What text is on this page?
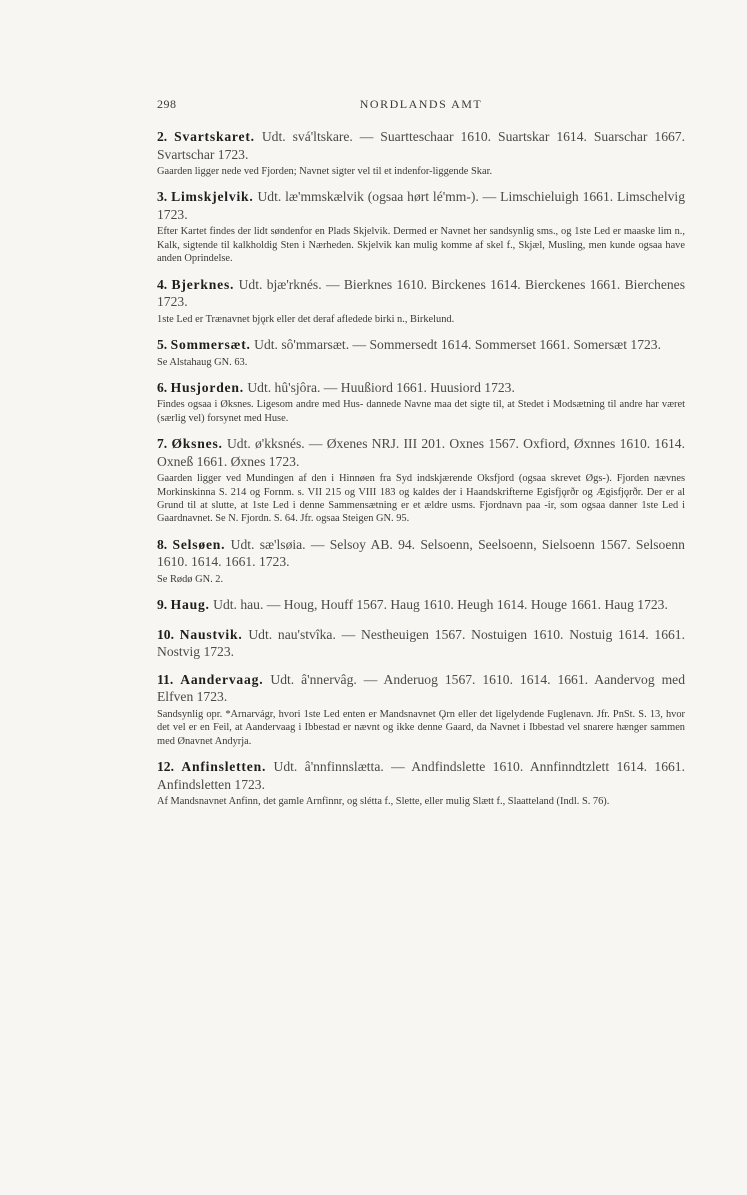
298	NORDLANDS AMT

2. Svartskaret. Udt. svá'ltskare. — Suartteschaar 1610. Suartskar 1614. Suarschar 1667. Svartschar 1723.

Gaarden ligger nede ved Fjorden; Navnet sigter vel til et indenfor-liggende Skar.

3. Limskjelvik. Udt. læ'mmskælvik (ogsaa hørt lé'mm-). — Limschieluigh 1661. Limschelvig 1723.

Efter Kartet findes der lidt søndenfor en Plads Skjelvik. Dermed er Navnet her sandsynlig sms., og 1ste Led er maaske lim n., Kalk, sigtende til kalkholdig Sten i Nærheden. Skjelvik kan mulig komme af skel f., Skjæl, Musling, men kunde ogsaa have anden Oprindelse.

4. Bjerknes. Udt. bjæ'rknés. — Bierknes 1610. Birckenes 1614. Bierckenes 1661. Bierchenes 1723.

1ste Led er Trænavnet bjǫrk eller det deraf afledede birki n., Birkelund.

5. Sommersæt. Udt. sô'mmarsæt. — Sommersedt 1614. Sommerset 1661. Somersæt 1723.

Se Alstahaug GN. 63.

6. Husjorden. Udt. hû'sjôra. — Huußiord 1661. Huusiord 1723.

Findes ogsaa i Øksnes. Ligesom andre med Hus- dannede Navne maa det sigte til, at Stedet i Modsætning til andre har været (særlig vel) forsynet med Huse.

7. Øksnes. Udt. ø'kksnés. — Øxenes NRJ. III 201. Oxnes 1567. Oxfiord, Øxnnes 1610. 1614. Oxneß 1661. Øxnes 1723.

Gaarden ligger ved Mundingen af den i Hinnøen fra Syd indskjærende Oksfjord (ogsaa skrevet Øgs-). Fjorden nævnes Morkinskinna S. 214 og Fornm. s. VII 215 og VIII 183 og kaldes der i Haandskrifterne Egisfjǫrðr og Ægisfjǫrðr. Der er al Grund til at slutte, at 1ste Led i denne Sammensætning er et ældre usms. Fjordnavn paa -ir, som ogsaa danner 1ste Led i Gaardnavnet. Se N. Fjordn. S. 64. Jfr. ogsaa Steigen GN. 95.

8. Selsøen. Udt. sæ'lsøia. — Selsoy AB. 94. Selsoenn, Seelsoenn, Sielsoenn 1567. Selsoenn 1610. 1614. 1661. 1723.

Se Rødø GN. 2.

9. Haug. Udt. hau. — Houg, Houff 1567. Haug 1610. Heugh 1614. Houge 1661. Haug 1723.

10. Naustvik. Udt. nau'stvîka. — Nestheuigen 1567. Nostuigen 1610. Nostuig 1614. 1661. Nostvig 1723.

11. Aandervaag. Udt. â'nnervâg. — Anderuog 1567. 1610. 1614. 1661. Aandervog med Elfven 1723.

Sandsynlig opr. *Arnarvágr, hvori 1ste Led enten er Mandsnavnet Ǫrn eller det ligelydende Fuglenavn. Jfr. PnSt. S. 13, hvor det vel er en Feil, at Aandervaag i Ibbestad er nævnt og ikke denne Gaard, da Navnet i Ibbestad vel snarere hænger sammen med Ønavnet Andyrja.

12. Anfinsletten. Udt. â'nnfinnslætta. — Andfindslette 1610. Annfinndtzlett 1614. 1661. Anfindsletten 1723.

Af Mandsnavnet Anfinn, det gamle Arnfinnr, og slétta f., Slette, eller mulig Slætt f., Slaatteland (Indl. S. 76).
